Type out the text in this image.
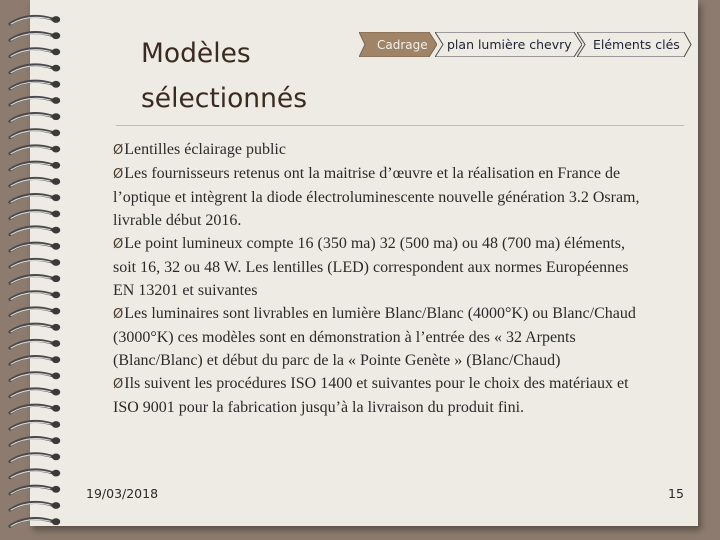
Modèles
sélectionnés
Cadrage	plan lumière chevry	Eléments clés

ØLentilles éclairage public

ØLes fournisseurs retenus ont la maitrise d’œuvre et la réalisation en France de l’optique et intègrent la diode électroluminescente nouvelle génération 3.2 Osram, livrable début 2016.

ØLe point lumineux compte 16 (350 ma) 32 (500 ma) ou 48 (700 ma) éléments, soit 16, 32 ou 48 W. Les lentilles (LED) correspondent aux normes Européennes EN 13201 et suivantes

ØLes luminaires sont livrables en lumière Blanc/Blanc (4000°K) ou Blanc/Chaud (3000°K) ces modèles sont en démonstration à l’entrée des « 32 Arpents (Blanc/Blanc) et début du parc de la « Pointe Genète » (Blanc/Chaud)

ØIls suivent les procédures ISO 1400 et suivantes pour le choix des matériaux et ISO 9001 pour la fabrication jusqu’à la livraison du produit fini.

19/03/2018	15
